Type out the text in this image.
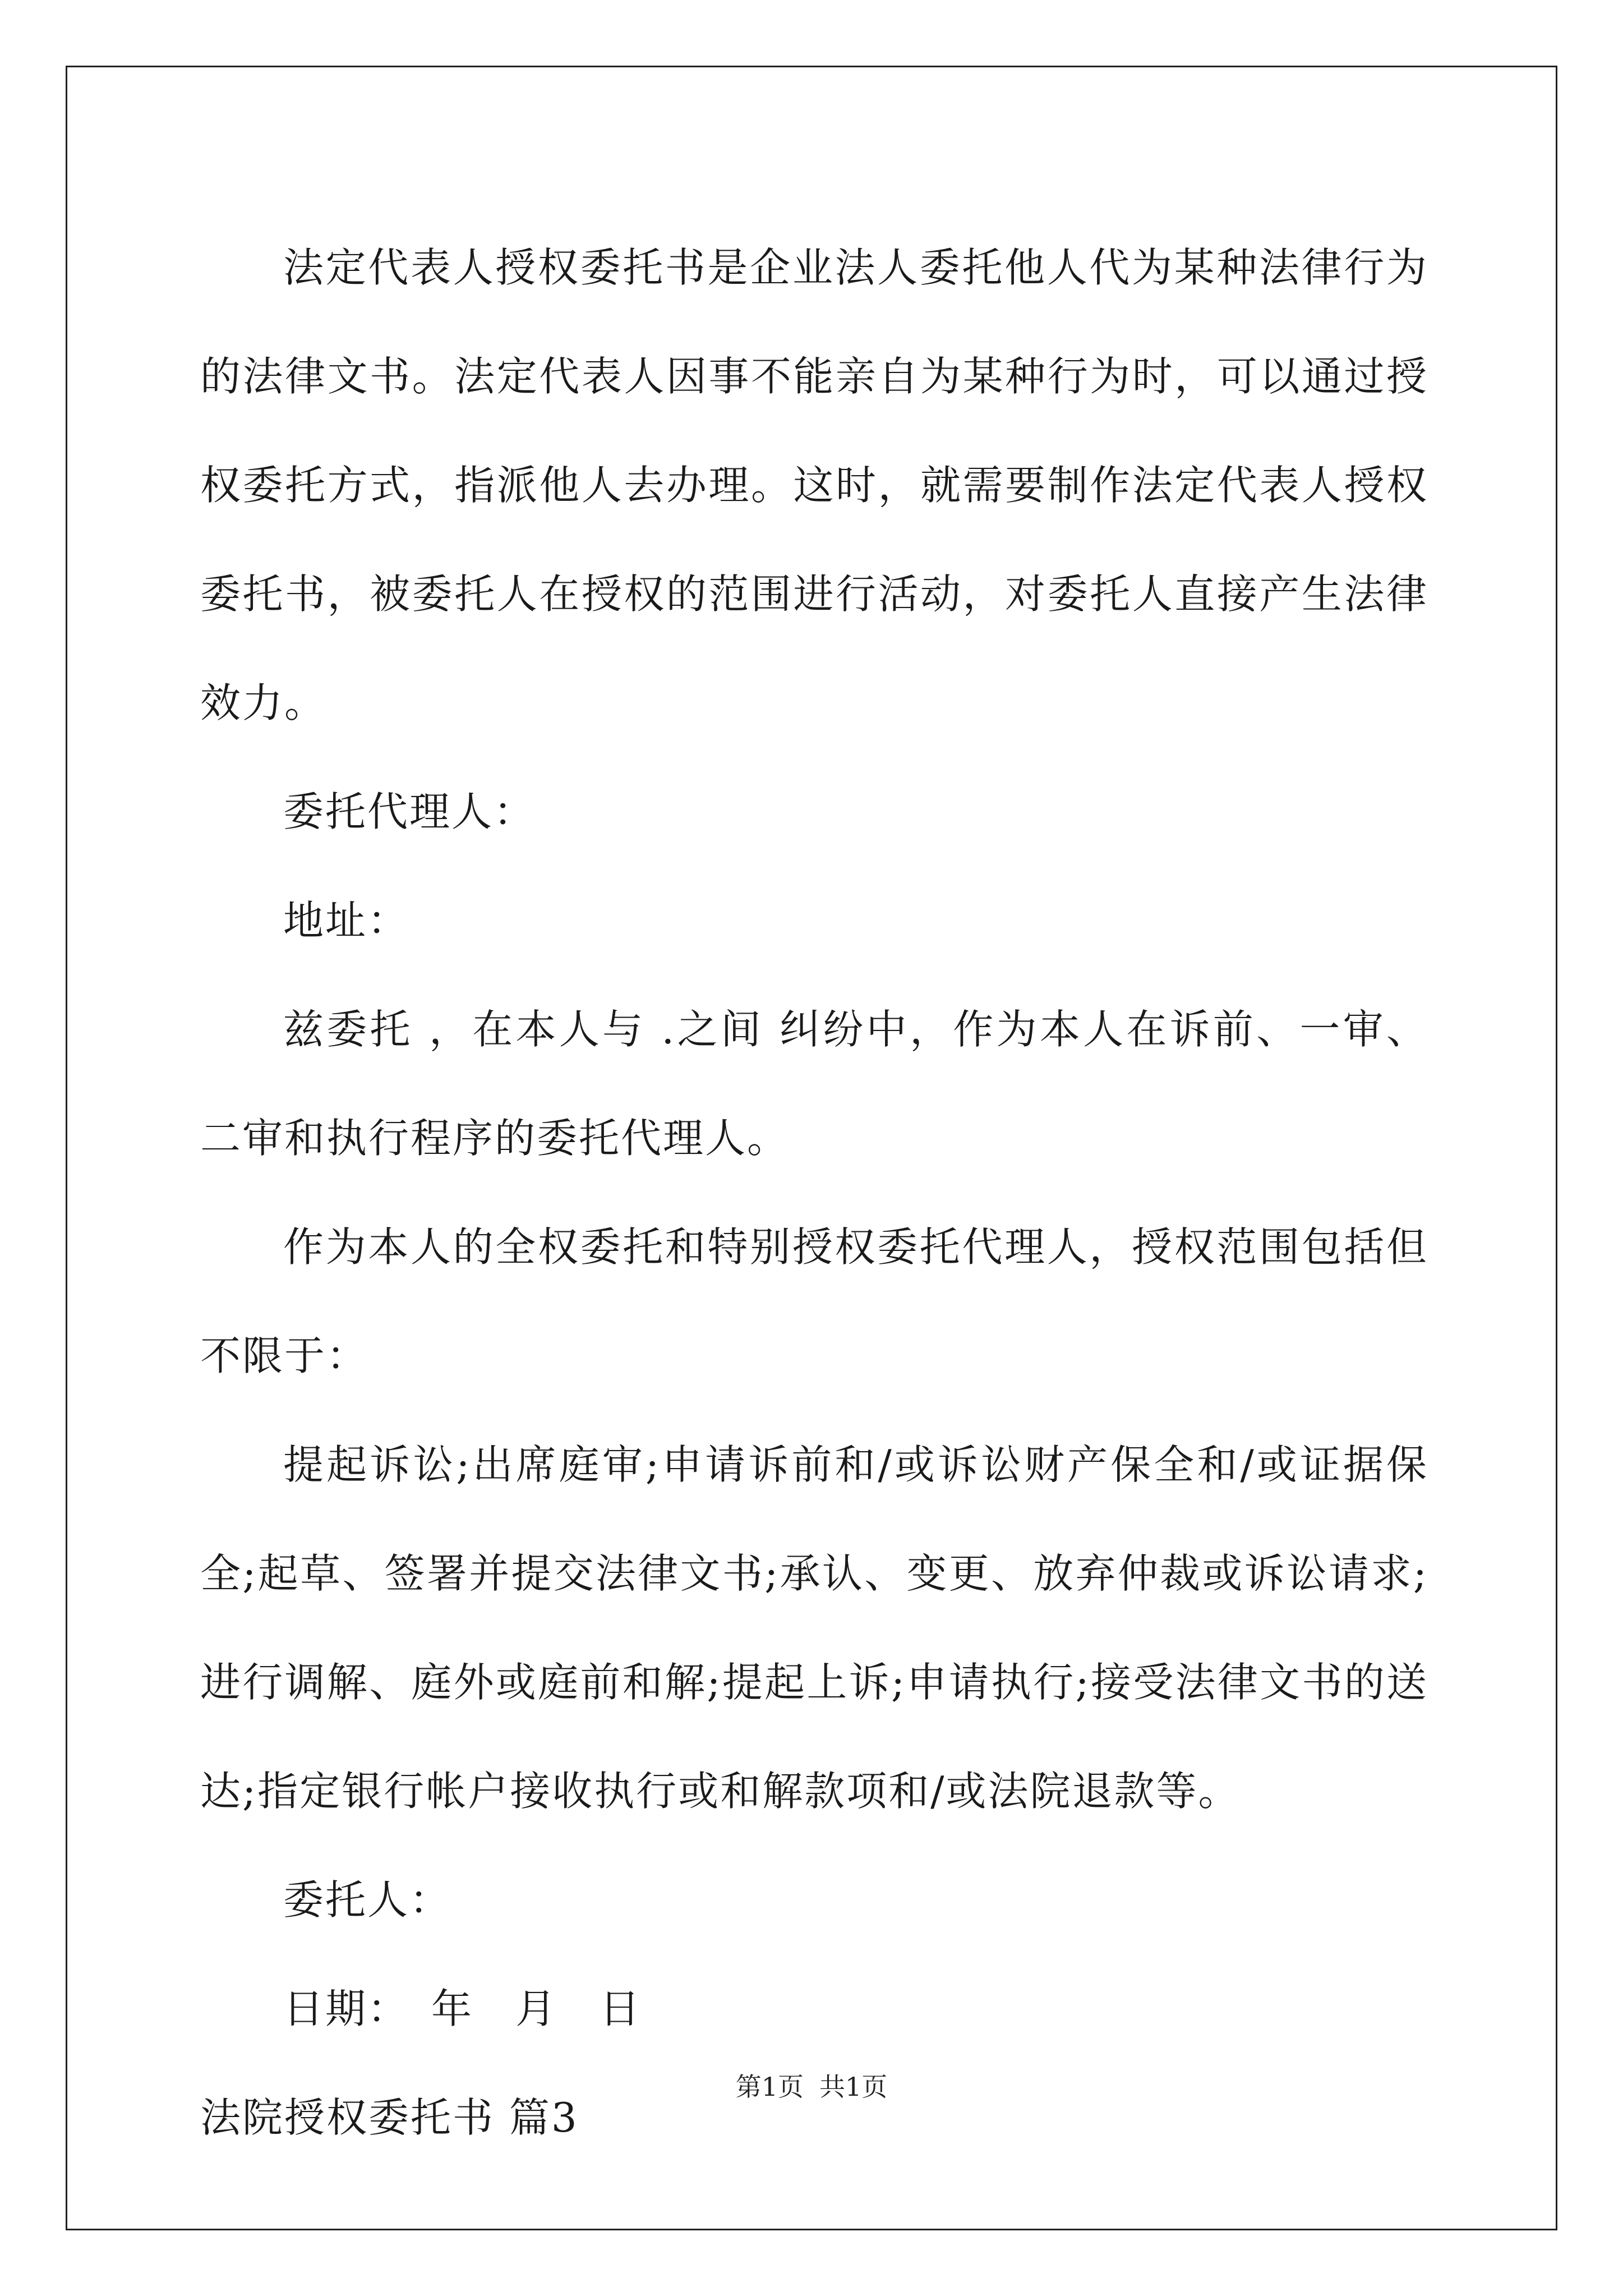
法定代表人授权委托书是企业法人委托他人代为某种法律行为的法律文书。法定代表人因事不能亲自为某种行为时，可以通过授权委托方式，指派他人去办理。这时，就需要制作法定代表人授权委托书，被委托人在授权的范围进行活动，对委托人直接产生法律效力。

委托代理人：

地址：

兹委托 ，在本人与 .之间 纠纷中，作为本人在诉前、一审、二审和执行程序的委托代理人。

作为本人的全权委托和特别授权委托代理人，授权范围包括但不限于：

提起诉讼;出席庭审;申请诉前和/或诉讼财产保全和/或证据保全;起草、签署并提交法律文书;承认、变更、放弃仲裁或诉讼请求;进行调解、庭外或庭前和解;提起上诉;申请执行;接受法律文书的送达;指定银行帐户接收执行或和解款项和/或法院退款等。

委托人：

日期：　年　月　日

法院授权委托书 篇3

第1页 共1页
